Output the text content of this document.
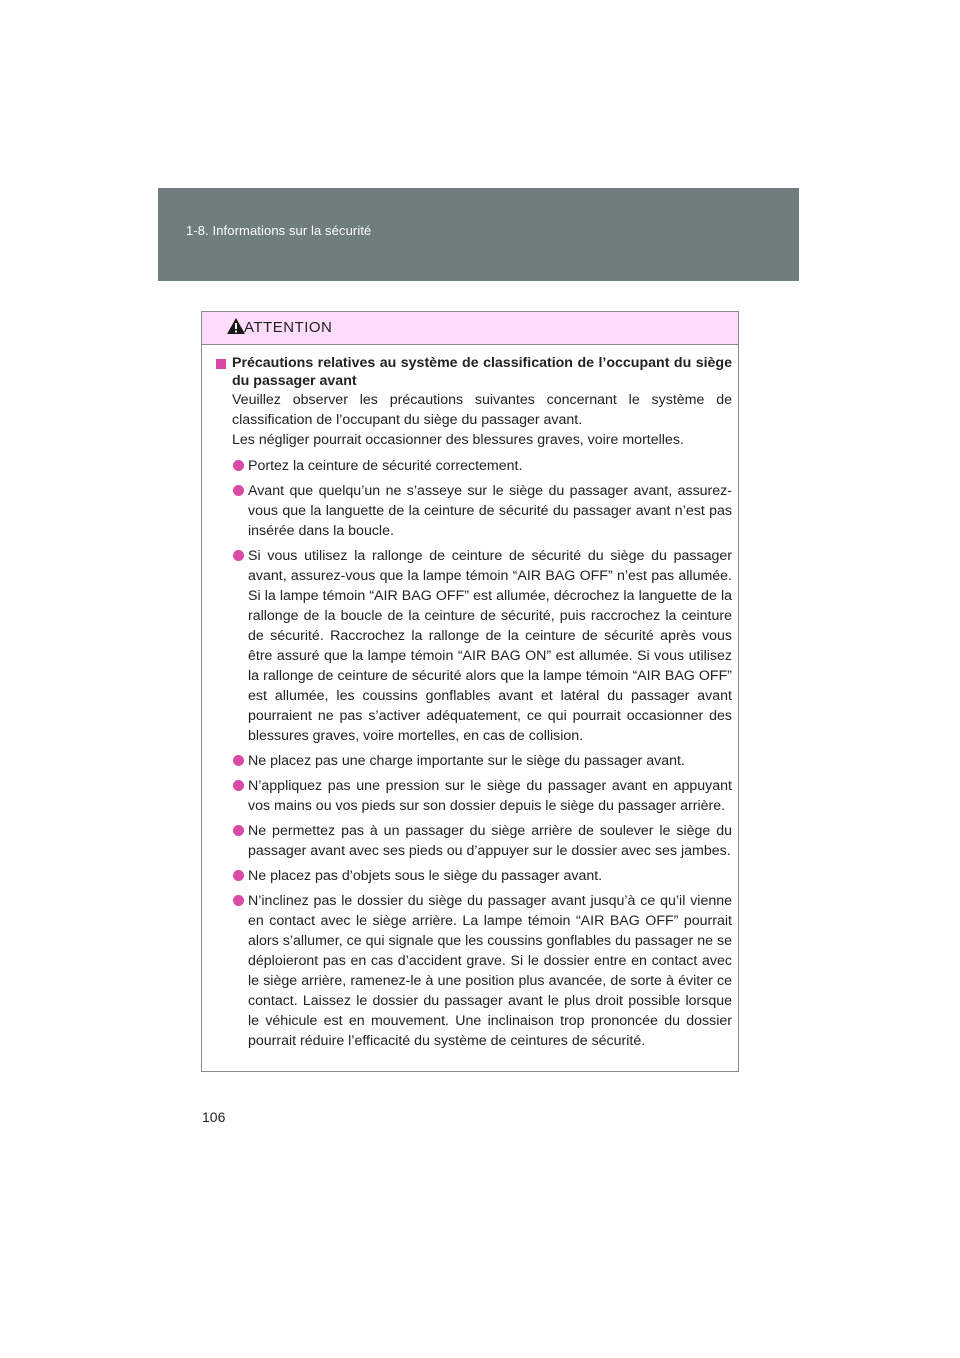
1-8. Informations sur la sécurité
ATTENTION
Précautions relatives au système de classification de l’occupant du siège du passager avant

Veuillez observer les précautions suivantes concernant le système de classification de l’occupant du siège du passager avant.

Les négliger pourrait occasionner des blessures graves, voire mortelles.

Portez la ceinture de sécurité correctement.
Avant que quelqu’un ne s’asseye sur le siège du passager avant, assurez-vous que la languette de la ceinture de sécurité du passager avant n’est pas insérée dans la boucle.
Si vous utilisez la rallonge de ceinture de sécurité du siège du passager avant, assurez-vous que la lampe témoin “AIR BAG OFF” n’est pas allumée. Si la lampe témoin “AIR BAG OFF” est allumée, décrochez la languette de la rallonge de la boucle de la ceinture de sécurité, puis raccrochez la ceinture de sécurité. Raccrochez la rallonge de la ceinture de sécurité après vous être assuré que la lampe témoin “AIR BAG ON” est allumée. Si vous utilisez la rallonge de ceinture de sécurité alors que la lampe témoin “AIR BAG OFF” est allumée, les coussins gonflables avant et latéral du passager avant pourraient ne pas s’activer adéquatement, ce qui pourrait occasionner des blessures graves, voire mortelles, en cas de collision.
Ne placez pas une charge importante sur le siège du passager avant.
N’appliquez pas une pression sur le siège du passager avant en appuyant vos mains ou vos pieds sur son dossier depuis le siège du passager arrière.
Ne permettez pas à un passager du siège arrière de soulever le siège du passager avant avec ses pieds ou d’appuyer sur le dossier avec ses jambes.
Ne placez pas d’objets sous le siège du passager avant.
N’inclinez pas le dossier du siège du passager avant jusqu’à ce qu’il vienne en contact avec le siège arrière. La lampe témoin “AIR BAG OFF” pourrait alors s’allumer, ce qui signale que les coussins gonflables du passager ne se déploieront pas en cas d’accident grave. Si le dossier entre en contact avec le siège arrière, ramenez-le à une position plus avancée, de sorte à éviter ce contact. Laissez le dossier du passager avant le plus droit possible lorsque le véhicule est en mouvement. Une inclinaison trop prononcée du dossier pourrait réduire l’efficacité du système de ceintures de sécurité.
106
